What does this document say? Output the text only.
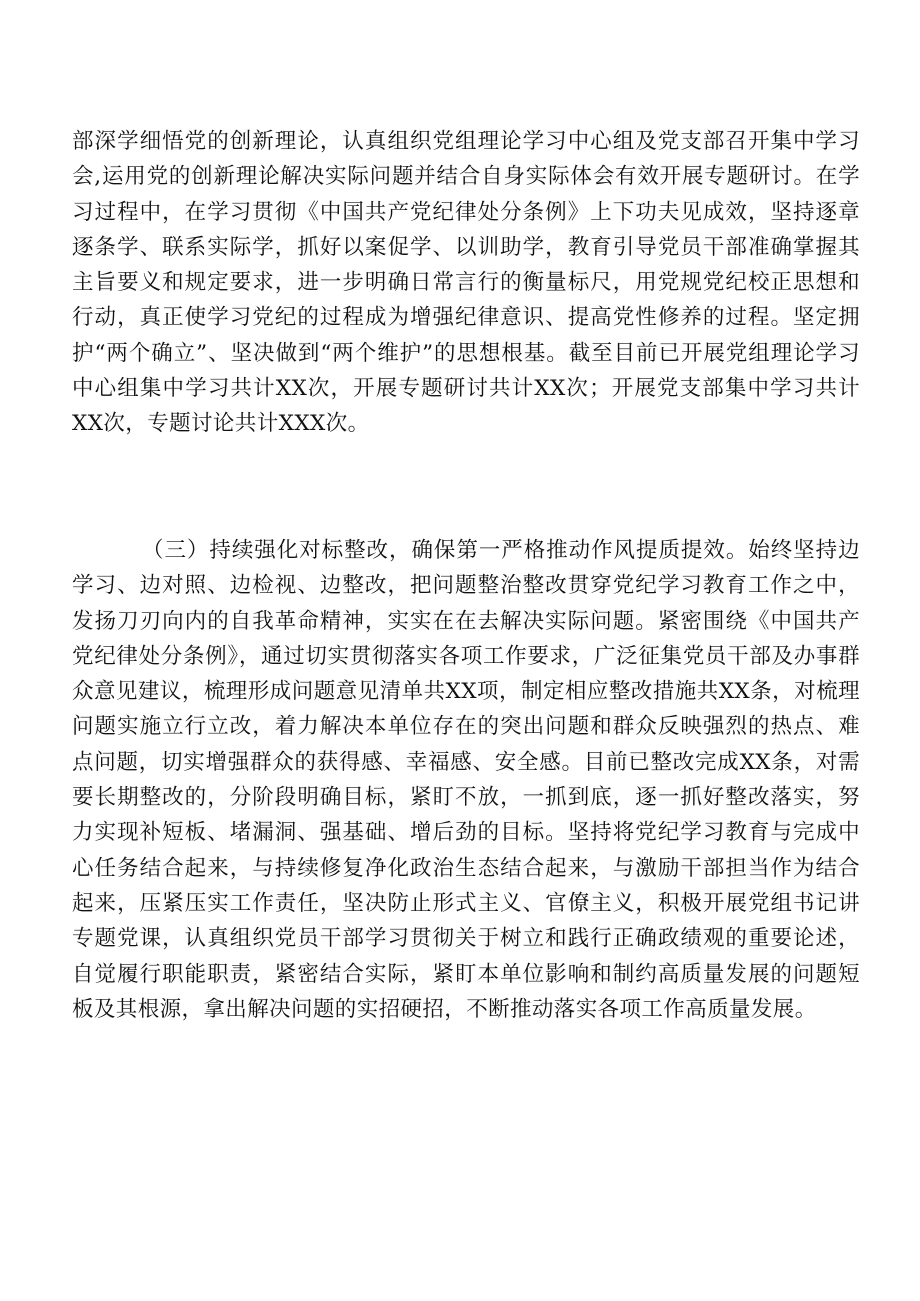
部深学细悟党的创新理论，认真组织党组理论学习中心组及党支部召开集中学习会,运用党的创新理论解决实际问题并结合自身实际体会有效开展专题研讨。在学习过程中，在学习贯彻《中国共产党纪律处分条例》上下功夫见成效，坚持逐章逐条学、联系实际学，抓好以案促学、以训助学，教育引导党员干部准确掌握其主旨要义和规定要求，进一步明确日常言行的衡量标尺，用党规党纪校正思想和行动，真正使学习党纪的过程成为增强纪律意识、提高党性修养的过程。坚定拥护“两个确立”、坚决做到“两个维护”的思想根基。截至目前已开展党组理论学习中心组集中学习共计XX次，开展专题研讨共计XX次；开展党支部集中学习共计XX次，专题讨论共计XXX次。

（三）持续强化对标整改，确保第一严格推动作风提质提效。始终坚持边学习、边对照、边检视、边整改，把问题整治整改贯穿党纪学习教育工作之中，发扬刀刃向内的自我革命精神，实实在在去解决实际问题。紧密围绕《中国共产党纪律处分条例》，通过切实贯彻落实各项工作要求，广泛征集党员干部及办事群众意见建议，梳理形成问题意见清单共XX项，制定相应整改措施共XX条，对梳理问题实施立行立改，着力解决本单位存在的突出问题和群众反映强烈的热点、难点问题，切实增强群众的获得感、幸福感、安全感。目前已整改完成XX条，对需要长期整改的，分阶段明确目标，紧盯不放，一抓到底，逐一抓好整改落实，努力实现补短板、堵漏洞、强基础、增后劲的目标。坚持将党纪学习教育与完成中心任务结合起来，与持续修复净化政治生态结合起来，与激励干部担当作为结合起来，压紧压实工作责任，坚决防止形式主义、官僚主义，积极开展党组书记讲专题党课，认真组织党员干部学习贯彻关于树立和践行正确政绩观的重要论述，自觉履行职能职责，紧密结合实际，紧盯本单位影响和制约高质量发展的问题短板及其根源，拿出解决问题的实招硬招，不断推动落实各项工作高质量发展。
